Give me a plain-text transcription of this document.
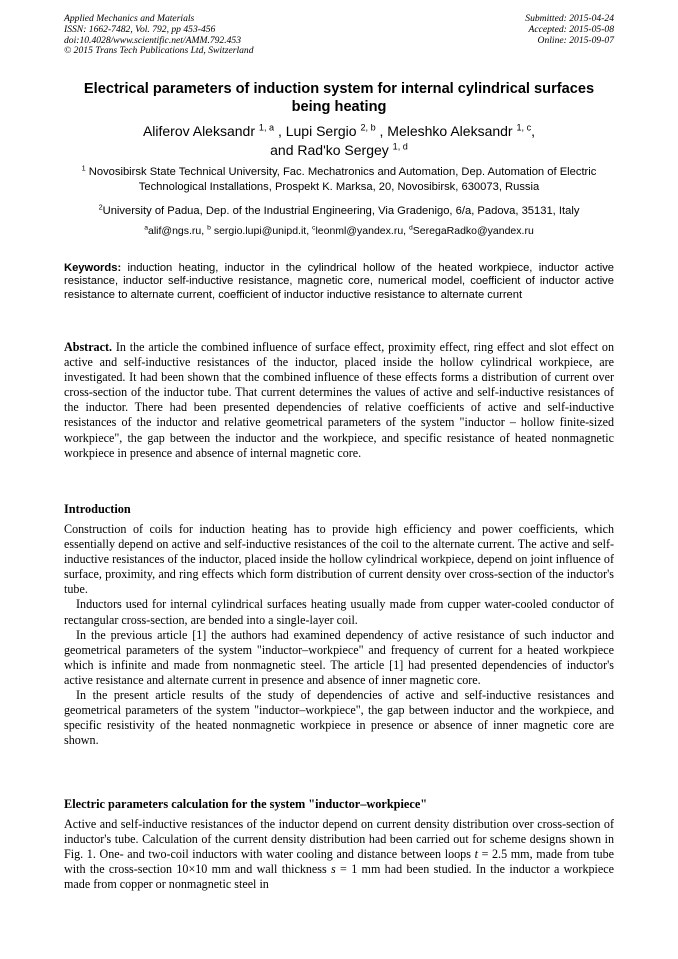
Applied Mechanics and Materials
ISSN: 1662-7482, Vol. 792, pp 453-456
doi:10.4028/www.scientific.net/AMM.792.453
© 2015 Trans Tech Publications Ltd, Switzerland
Submitted: 2015-04-24
Accepted: 2015-05-08
Online: 2015-09-07
Electrical parameters of induction system for internal cylindrical surfaces being heating
Aliferov Aleksandr $^{1, a}$ , Lupi Sergio $^{2, b}$ , Meleshko Aleksandr $^{1, c}$,
and Rad'ko Sergey $^{1, d}$
$^1$ Novosibirsk State Technical University, Fac. Mechatronics and Automation, Dep. Automation of Electric Technological Installations, Prospekt K. Marksa, 20, Novosibirsk, 630073, Russia
$^2$University of Padua, Dep. of the Industrial Engineering, Via Gradenigo, 6/a, Padova, 35131, Italy
$^a$alif@ngs.ru, $^b$ sergio.lupi@unipd.it, $^c$leonml@yandex.ru, $^d$SeregaRadko@yandex.ru
Keywords: induction heating, inductor in the cylindrical hollow of the heated workpiece, inductor active resistance, inductor self-inductive resistance, magnetic core, numerical model, coefficient of inductor active resistance to alternate current, coefficient of inductor inductive resistance to alternate current
Abstract. In the article the combined influence of surface effect, proximity effect, ring effect and slot effect on active and self-inductive resistances of the inductor, placed inside the hollow cylindrical workpiece, are investigated. It had been shown that the combined influence of these effects forms a distribution of current over cross-section of the inductor tube. That current determines the values of active and self-inductive resistances of the inductor. There had been presented dependencies of relative coefficients of active and self-inductive resistances of the inductor and relative geometrical parameters of the system "inductor – hollow finite-sized workpiece", the gap between the inductor and the workpiece, and specific resistance of heated nonmagnetic workpiece in presence and absence of internal magnetic core.
Introduction

Construction of coils for induction heating has to provide high efficiency and power coefficients, which essentially depend on active and self-inductive resistances of the coil to the alternate current. The active and self-inductive resistances of the inductor, placed inside the hollow cylindrical workpiece, depend on joint influence of surface, proximity, and ring effects which form distribution of current density over cross-section of the inductor's tube.

Inductors used for internal cylindrical surfaces heating usually made from cupper water-cooled conductor of rectangular cross-section, are bended into a single-layer coil.

In the previous article [1] the authors had examined dependency of active resistance of such inductor and geometrical parameters of the system "inductor–workpiece" and frequency of current for a heated workpiece which is infinite and made from nonmagnetic steel. The article [1] had presented dependencies of inductor's active resistance and alternate current in presence and absence of inner magnetic core.

In the present article results of the study of dependencies of active and self-inductive resistances and geometrical parameters of the system "inductor–workpiece", the gap between inductor and the workpiece, and specific resistivity of the heated nonmagnetic workpiece in presence or absence of inner magnetic core are shown.

Electric parameters calculation for the system "inductor–workpiece"

Active and self-inductive resistances of the inductor depend on current density distribution over cross-section of inductor's tube. Calculation of the current density distribution had been carried out for scheme designs shown in Fig. 1. One- and two-coil inductors with water cooling and distance between loops t = 2.5 mm, made from tube with the cross-section 10×10 mm and wall thickness s = 1 mm had been studied. In the inductor a workpiece made from copper or nonmagnetic steel in
